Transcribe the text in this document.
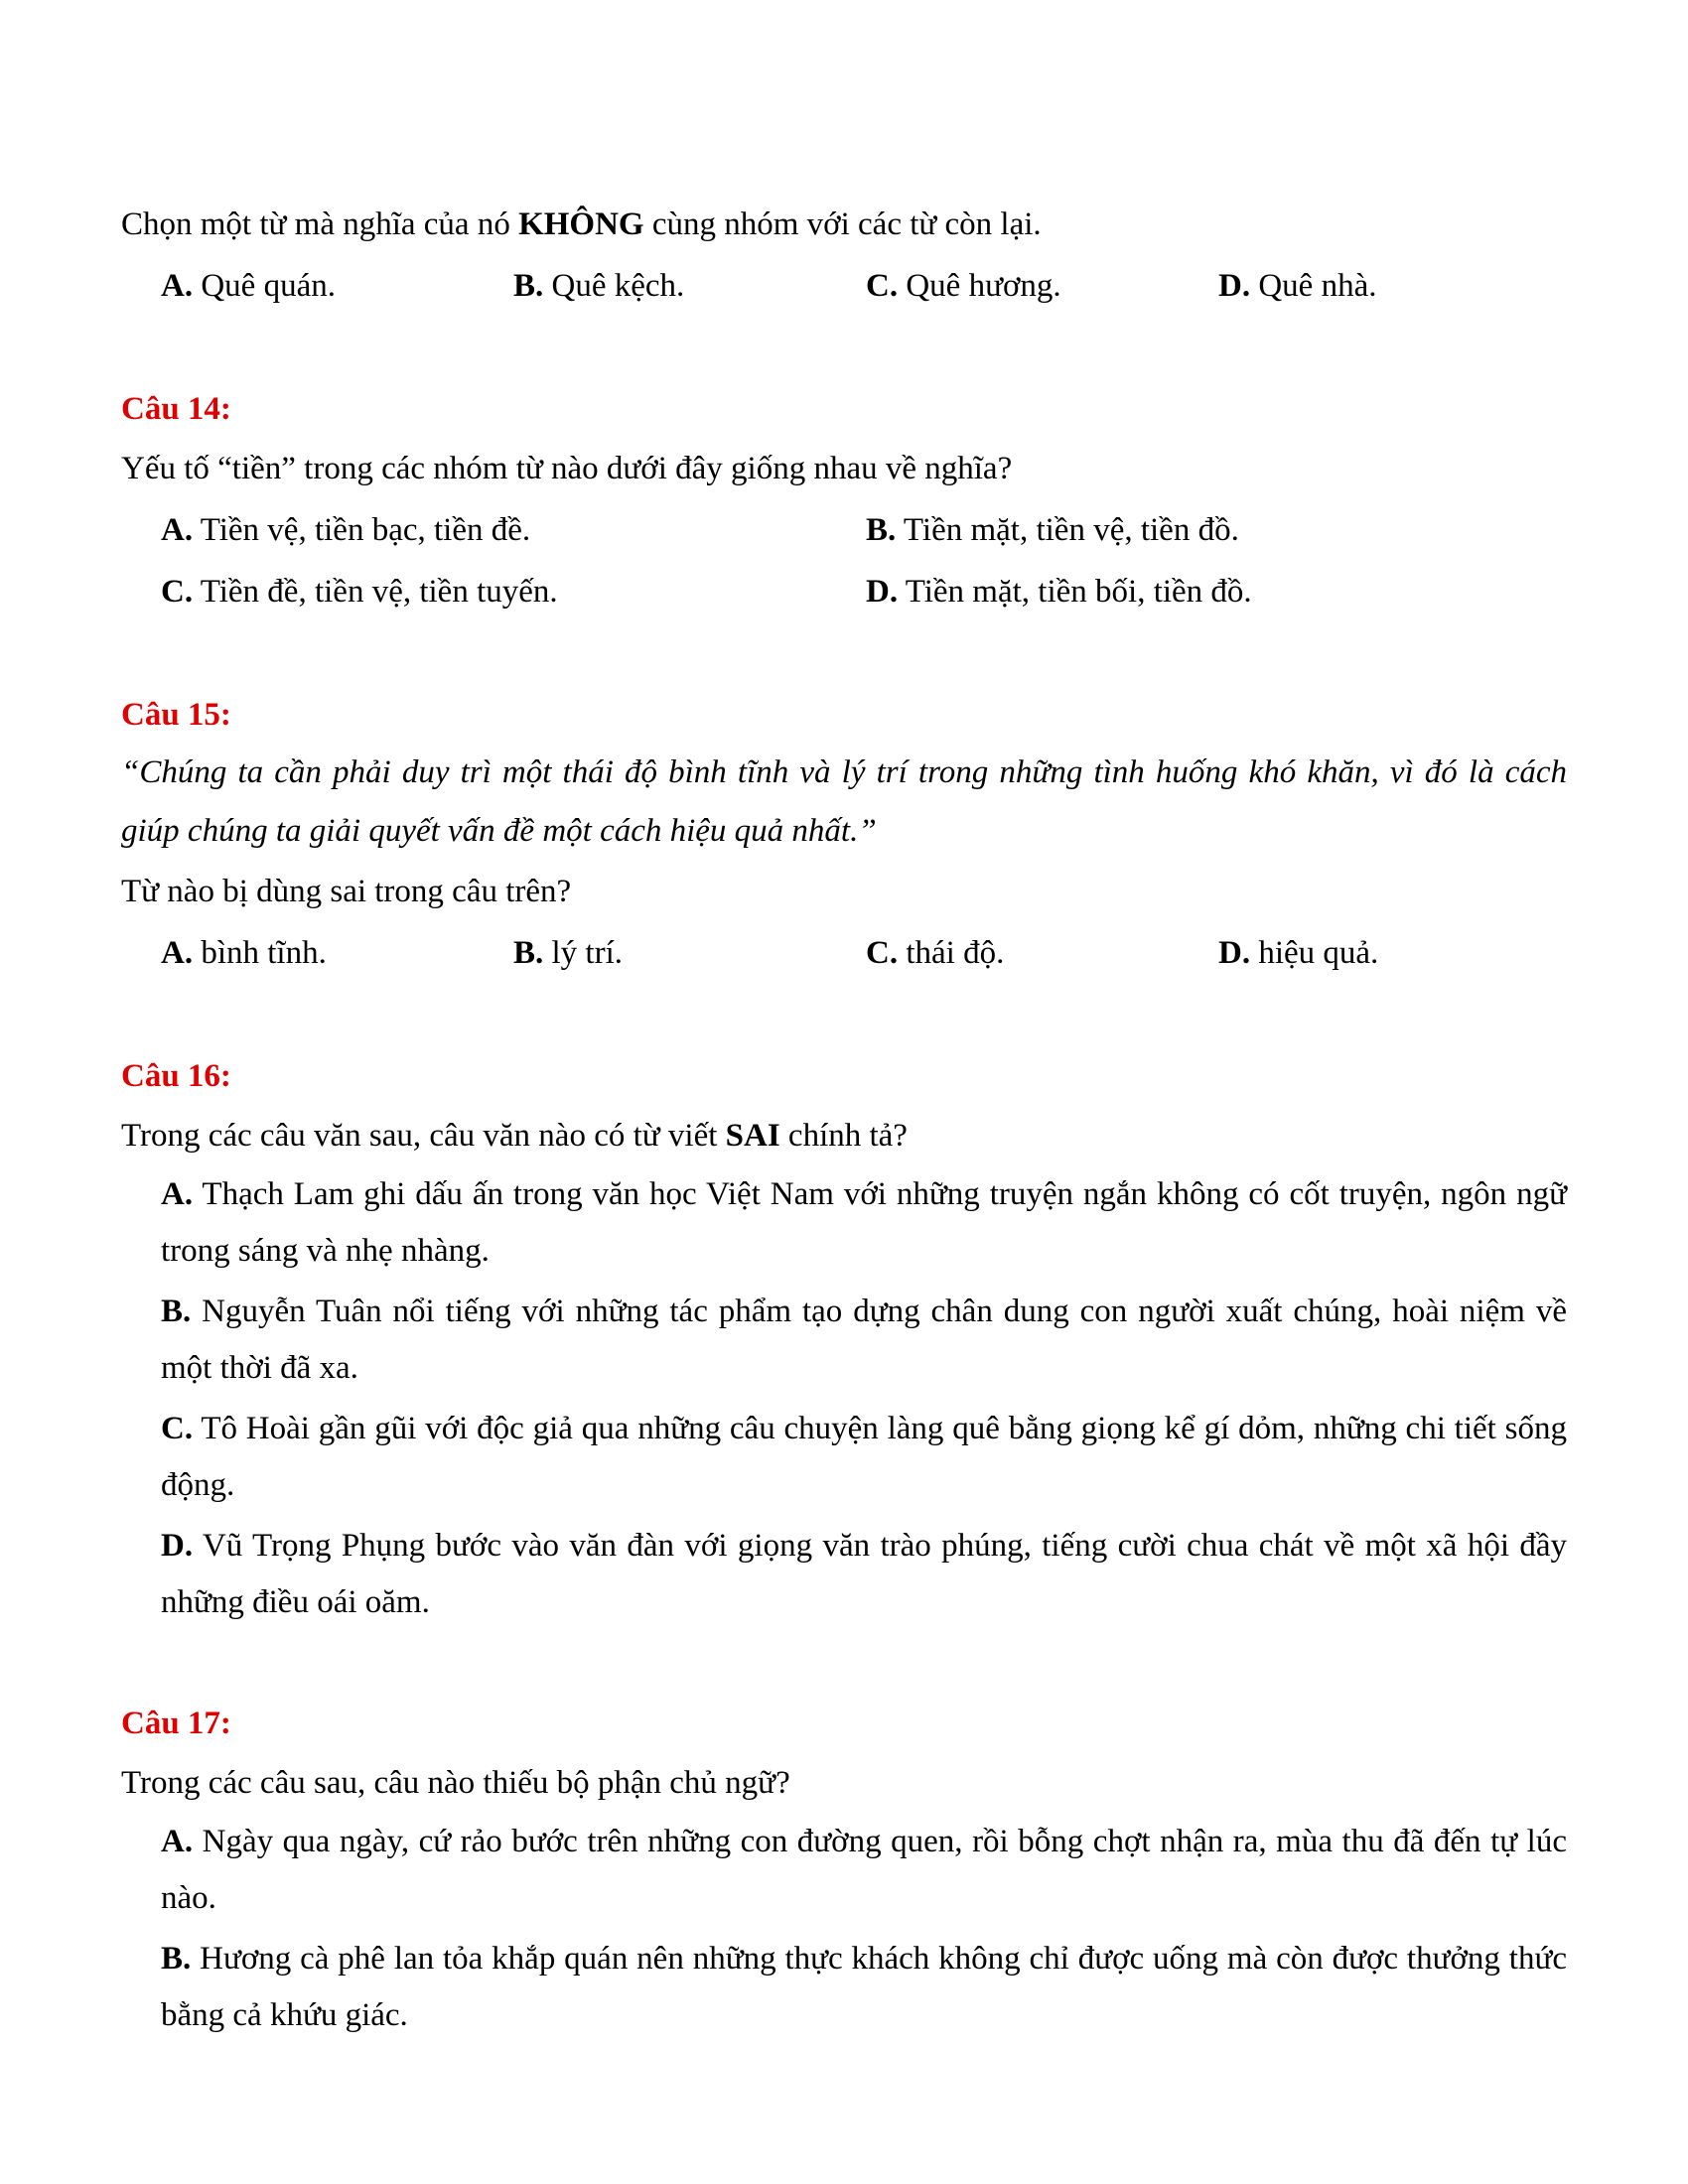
Chọn một từ mà nghĩa của nó KHÔNG cùng nhóm với các từ còn lại.

A. Quê quán.	B. Quê kệch.	C. Quê hương.	D. Quê nhà.
Câu 14:

Yếu tố “tiền” trong các nhóm từ nào dưới đây giống nhau về nghĩa?

A. Tiền vệ, tiền bạc, tiền đề.	B. Tiền mặt, tiền vệ, tiền đồ.
C. Tiền đề, tiền vệ, tiền tuyến.	D. Tiền mặt, tiền bối, tiền đồ.
Câu 15:

“Chúng ta cần phải duy trì một thái độ bình tĩnh và lý trí trong những tình huống khó khăn, vì đó là cách giúp chúng ta giải quyết vấn đề một cách hiệu quả nhất.”

Từ nào bị dùng sai trong câu trên?

A. bình tĩnh.	B. lý trí.	C. thái độ.	D. hiệu quả.
Câu 16:

Trong các câu văn sau, câu văn nào có từ viết SAI chính tả?

A. Thạch Lam ghi dấu ấn trong văn học Việt Nam với những truyện ngắn không có cốt truyện, ngôn ngữ trong sáng và nhẹ nhàng.
B. Nguyễn Tuân nổi tiếng với những tác phẩm tạo dựng chân dung con người xuất chúng, hoài niệm về một thời đã xa.
C. Tô Hoài gần gũi với độc giả qua những câu chuyện làng quê bằng giọng kể gí dỏm, những chi tiết sống động.
D. Vũ Trọng Phụng bước vào văn đàn với giọng văn trào phúng, tiếng cười chua chát về một xã hội đầy những điều oái oăm.
Câu 17:

Trong các câu sau, câu nào thiếu bộ phận chủ ngữ?

A. Ngày qua ngày, cứ rảo bước trên những con đường quen, rồi bỗng chợt nhận ra, mùa thu đã đến tự lúc nào.
B. Hương cà phê lan tỏa khắp quán nên những thực khách không chỉ được uống mà còn được thưởng thức bằng cả khứu giác.
